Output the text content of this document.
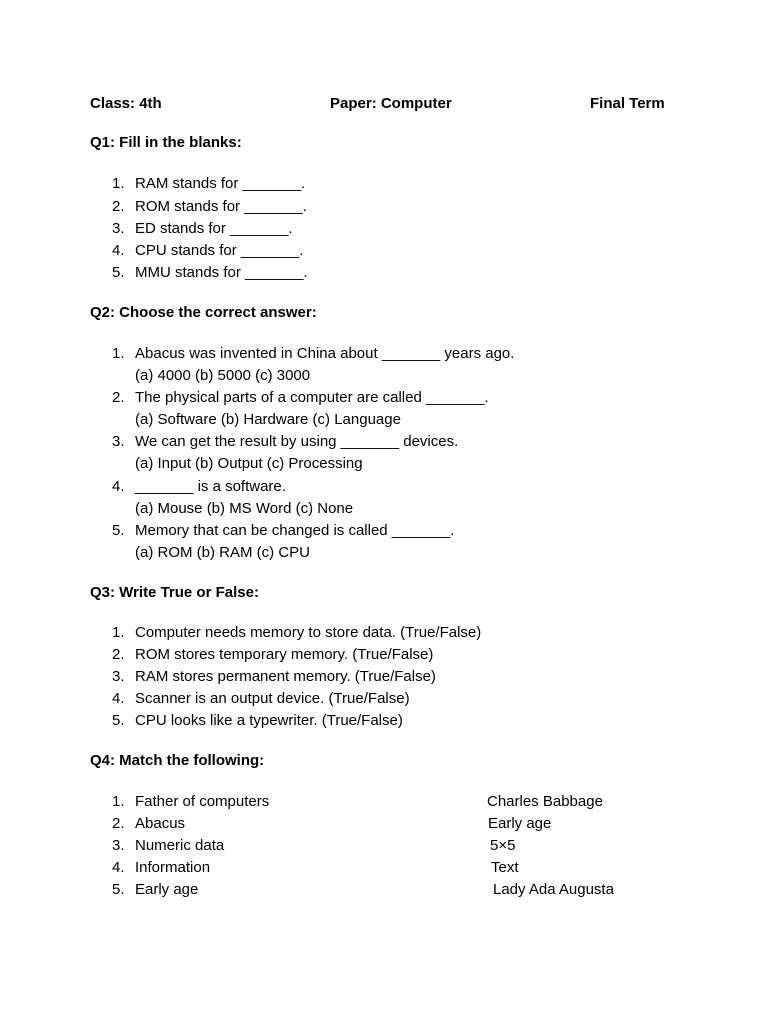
Class: 4th	Paper: Computer	Final Term
Q1: Fill in the blanks:
1. RAM stands for _______.
2. ROM stands for _______.
3. ED stands for _______.
4. CPU stands for _______.
5. MMU stands for _______.
Q2: Choose the correct answer:
1. Abacus was invented in China about _______ years ago.
(a) 4000 (b) 5000 (c) 3000
2. The physical parts of a computer are called _______.
(a) Software (b) Hardware (c) Language
3. We can get the result by using _______ devices.
(a) Input (b) Output (c) Processing
4. _______ is a software.
(a) Mouse (b) MS Word (c) None
5. Memory that can be changed is called _______.
(a) ROM (b) RAM (c) CPU
Q3: Write True or False:
1. Computer needs memory to store data. (True/False)
2. ROM stores temporary memory. (True/False)
3. RAM stores permanent memory. (True/False)
4. Scanner is an output device. (True/False)
5. CPU looks like a typewriter. (True/False)
Q4: Match the following:
1. Father of computers	Charles Babbage
2. Abacus	Early age
3. Numeric data	5×5
4. Information	Text
5. Early age	Lady Ada Augusta
